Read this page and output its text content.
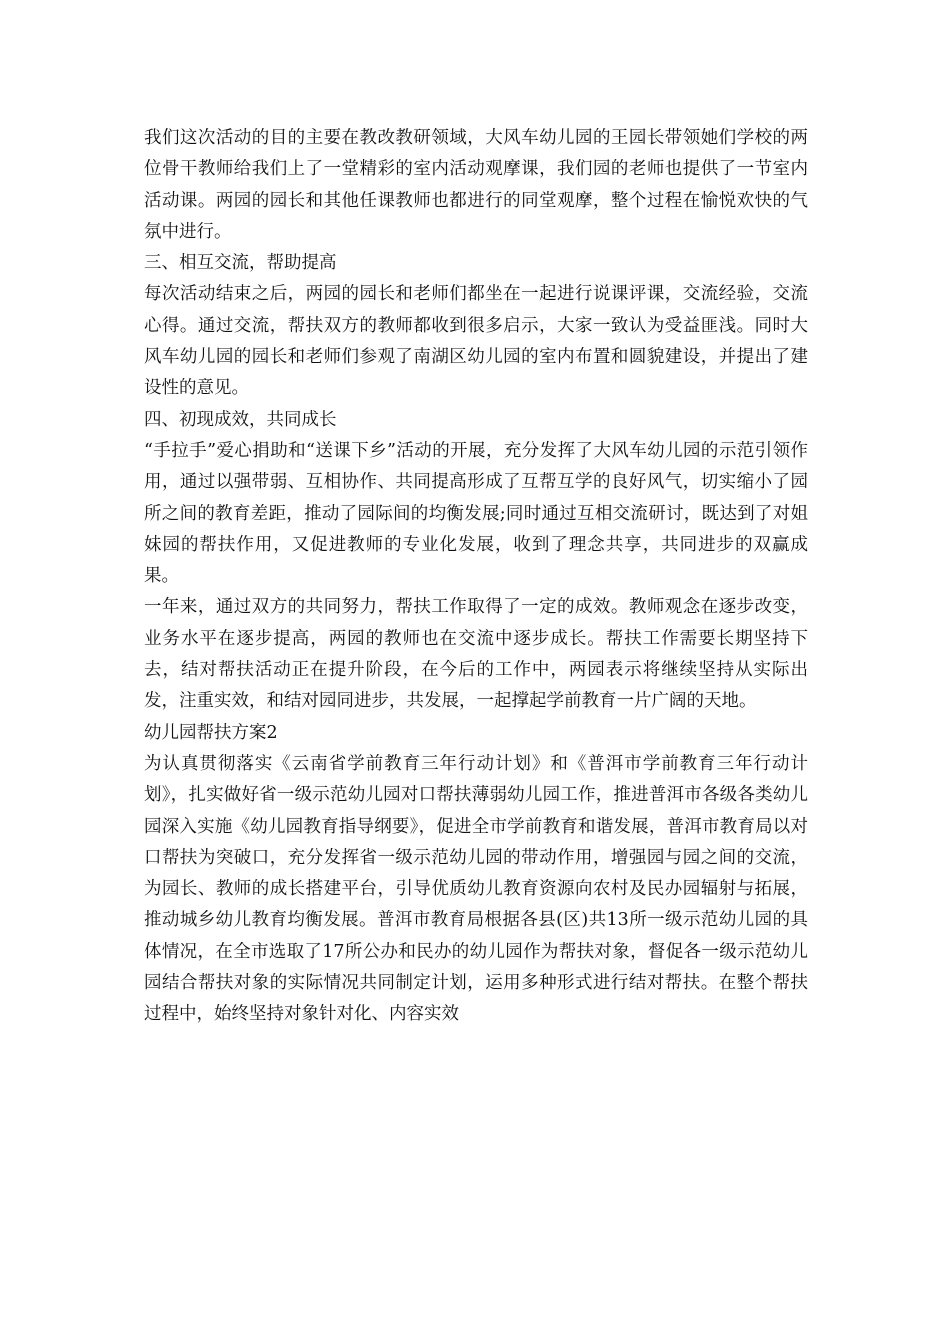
我们这次活动的目的主要在教改教研领域，大风车幼儿园的王园长带领她们学校的两位骨干教师给我们上了一堂精彩的室内活动观摩课，我们园的老师也提供了一节室内活动课。两园的园长和其他任课教师也都进行的同堂观摩，整个过程在愉悦欢快的气氛中进行。

三、相互交流，帮助提高

每次活动结束之后，两园的园长和老师们都坐在一起进行说课评课，交流经验，交流心得。通过交流，帮扶双方的教师都收到很多启示，大家一致认为受益匪浅。同时大风车幼儿园的园长和老师们参观了南湖区幼儿园的室内布置和圆貌建设，并提出了建设性的意见。

四、初现成效，共同成长

“手拉手”爱心捐助和“送课下乡”活动的开展，充分发挥了大风车幼儿园的示范引领作用，通过以强带弱、互相协作、共同提高形成了互帮互学的良好风气，切实缩小了园所之间的教育差距，推动了园际间的均衡发展;同时通过互相交流研讨，既达到了对姐妹园的帮扶作用，又促进教师的专业化发展，收到了理念共享，共同进步的双赢成果。

一年来，通过双方的共同努力，帮扶工作取得了一定的成效。教师观念在逐步改变，业务水平在逐步提高，两园的教师也在交流中逐步成长。帮扶工作需要长期坚持下去，结对帮扶活动正在提升阶段，在今后的工作中，两园表示将继续坚持从实际出发，注重实效，和结对园同进步，共发展，一起撑起学前教育一片广阔的天地。

幼儿园帮扶方案2

为认真贯彻落实《云南省学前教育三年行动计划》和《普洱市学前教育三年行动计划》，扎实做好省一级示范幼儿园对口帮扶薄弱幼儿园工作，推进普洱市各级各类幼儿园深入实施《幼儿园教育指导纲要》，促进全市学前教育和谐发展，普洱市教育局以对口帮扶为突破口，充分发挥省一级示范幼儿园的带动作用，增强园与园之间的交流，为园长、教师的成长搭建平台，引导优质幼儿教育资源向农村及民办园辐射与拓展，推动城乡幼儿教育均衡发展。普洱市教育局根据各县(区)共13所一级示范幼儿园的具体情况，在全市选取了17所公办和民办的幼儿园作为帮扶对象，督促各一级示范幼儿园结合帮扶对象的实际情况共同制定计划，运用多种形式进行结对帮扶。在整个帮扶过程中，始终坚持对象针对化、内容实效
